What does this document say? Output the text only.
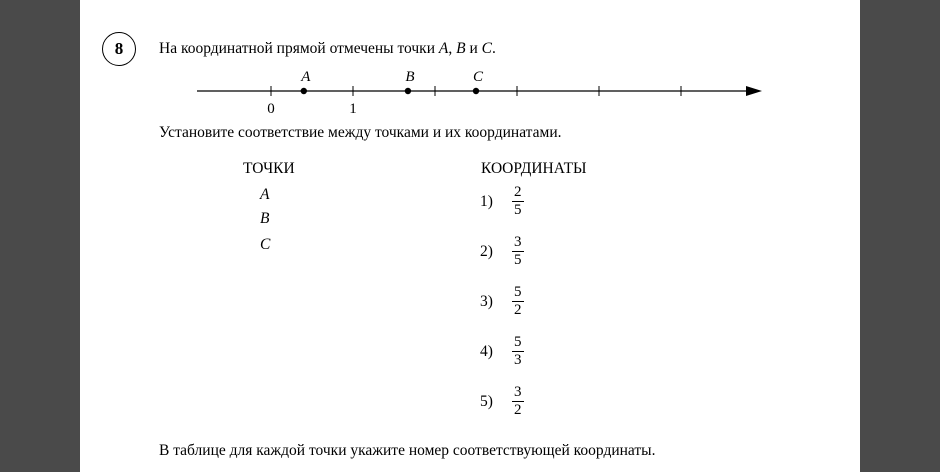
8 На координатной прямой отмечены точки A, B и C.
A	B	C
0	1
Установите соответствие между точками и их координатами.
ТОЧКИ	КООРДИНАТЫ
A
B
C
1)	$\frac{2}{5}$
2)	$\frac{3}{5}$
3)	$\frac{5}{2}$
4)	$\frac{5}{3}$
5)	$\frac{3}{2}$
В таблице для каждой точки укажите номер соответствующей координаты.
